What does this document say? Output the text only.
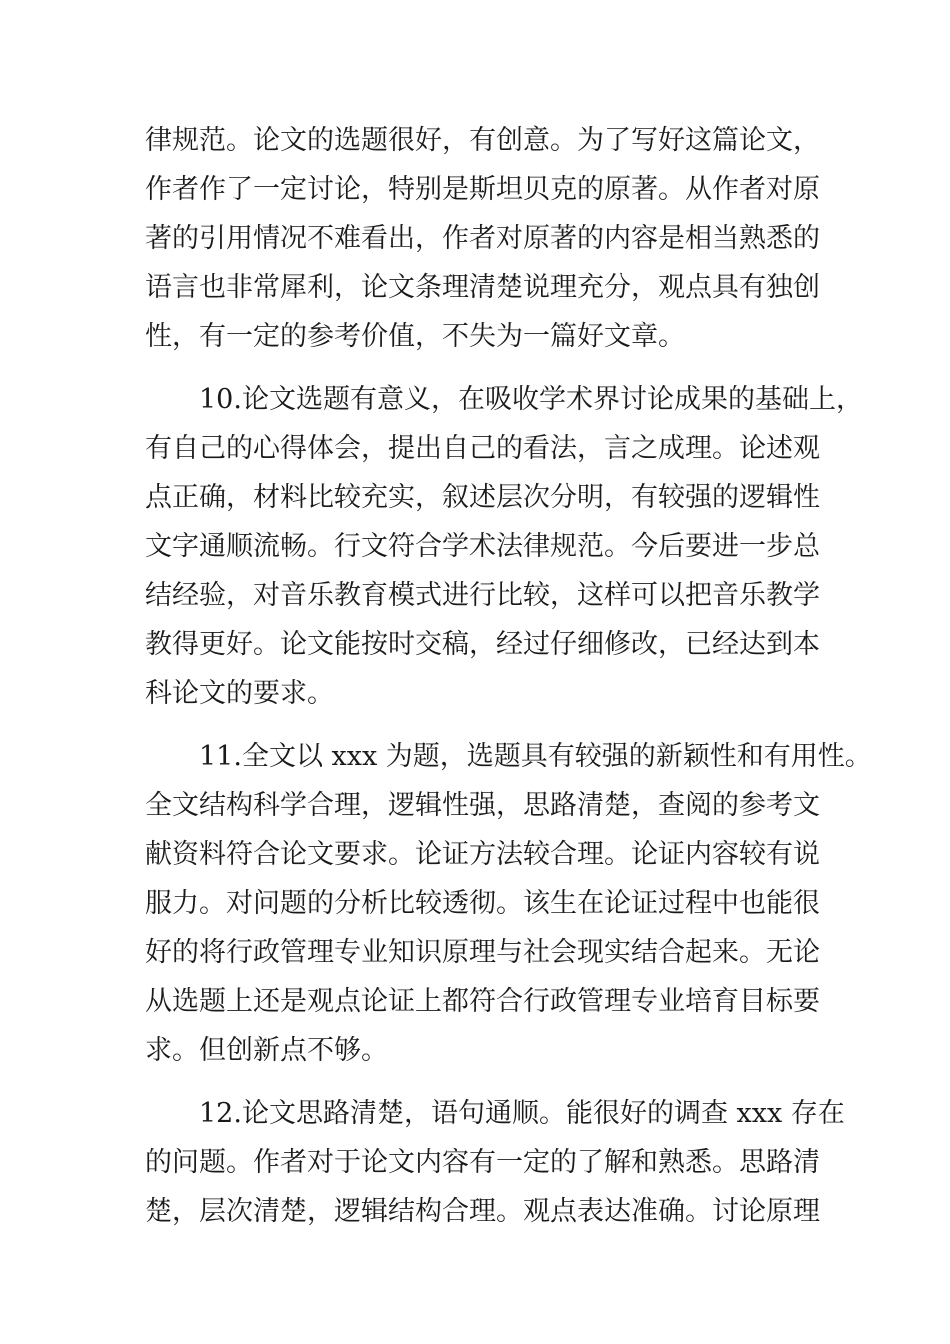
律规范。论文的选题很好，有创意。为了写好这篇论文，
作者作了一定讨论，特别是斯坦贝克的原著。从作者对原
著的引用情况不难看出，作者对原著的内容是相当熟悉的
语言也非常犀利，论文条理清楚说理充分，观点具有独创
性，有一定的参考价值，不失为一篇好文章。
10.论文选题有意义，在吸收学术界讨论成果的基础上，
有自己的心得体会，提出自己的看法，言之成理。论述观
点正确，材料比较充实，叙述层次分明，有较强的逻辑性
文字通顺流畅。行文符合学术法律规范。今后要进一步总
结经验，对音乐教育模式进行比较，这样可以把音乐教学
教得更好。论文能按时交稿，经过仔细修改，已经达到本
科论文的要求。
11.全文以 xxx 为题，选题具有较强的新颖性和有用性。
全文结构科学合理，逻辑性强，思路清楚，查阅的参考文
献资料符合论文要求。论证方法较合理。论证内容较有说
服力。对问题的分析比较透彻。该生在论证过程中也能很
好的将行政管理专业知识原理与社会现实结合起来。无论
从选题上还是观点论证上都符合行政管理专业培育目标要
求。但创新点不够。
12.论文思路清楚，语句通顺。能很好的调查 xxx 存在
的问题。作者对于论文内容有一定的了解和熟悉。思路清
楚，层次清楚，逻辑结构合理。观点表达准确。讨论原理
